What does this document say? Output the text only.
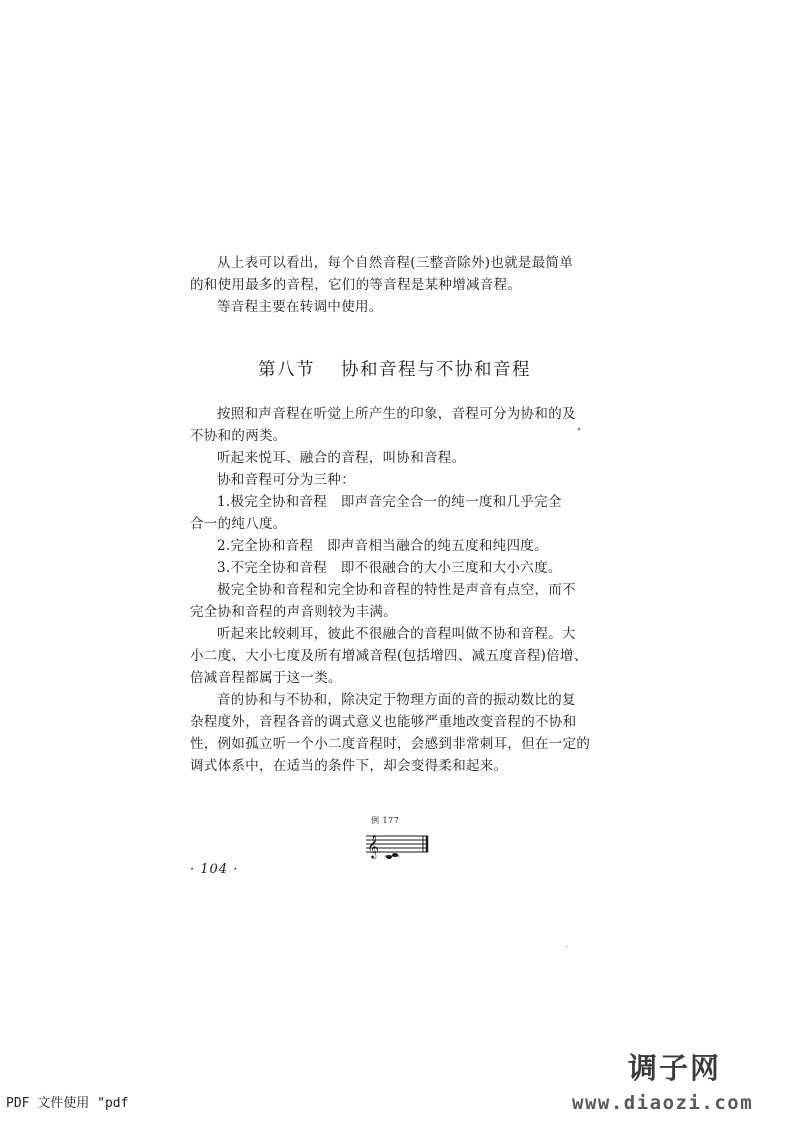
从上表可以看出，每个自然音程(三整音除外)也就是最简单
的和使用最多的音程，它们的等音程是某种增减音程。
等音程主要在转调中使用。
第八节 协和音程与不协和音程
按照和声音程在听觉上所产生的印象，音程可分为协和的及
不协和的两类。
听起来悦耳、融合的音程，叫协和音程。
协和音程可分为三种：
1.极完全协和音程　即声音完全合一的纯一度和几乎完全
合一的纯八度。
2.完全协和音程　即声音相当融合的纯五度和纯四度。
3.不完全协和音程　即不很融合的大小三度和大小六度。
极完全协和音程和完全协和音程的特性是声音有点空，而不
完全协和音程的声音则较为丰满。
听起来比较刺耳，彼此不很融合的音程叫做不协和音程。大
小二度、大小七度及所有增减音程(包括增四、减五度音程)倍增、
倍减音程都属于这一类。
音的协和与不协和，除决定于物理方面的音的振动数比的复
杂程度外，音程各音的调式意义也能够严重地改变音程的不协和
性，例如孤立听一个小二度音程时，会感到非常刺耳，但在一定的
调式体系中，在适当的条件下，却会变得柔和起来。
例 177
𝄞
· 104 ·
调子网
www.diaozi.com
PDF 文件使用 "pdf
